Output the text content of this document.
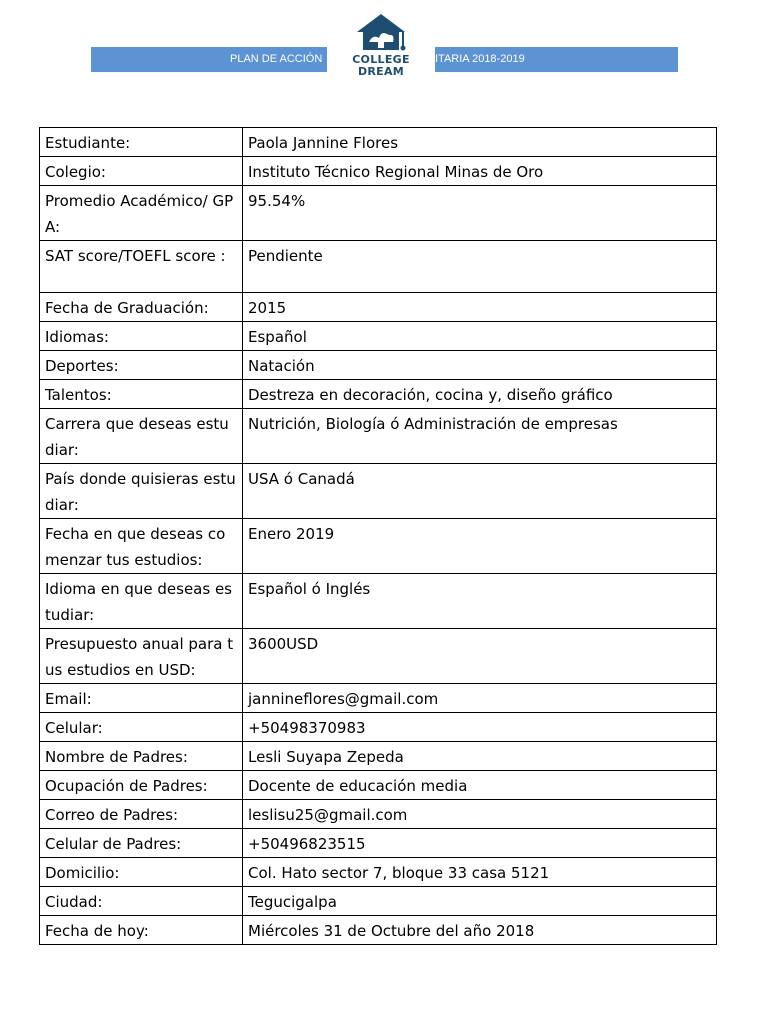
PLAN DE ACCIÓN	ITARIA 2018-2019
COLLEGE
DREAM
Estudiante:	Paola Jannine Flores
Colegio:	Instituto Técnico Regional Minas de Oro
Promedio Académico/ GPA:	95.54%
SAT score/TOEFL score :	Pendiente
Fecha de Graduación:	2015
Idiomas:	Español
Deportes:	Natación
Talentos:	Destreza en decoración, cocina y, diseño gráfico
Carrera que deseas estudiar:	Nutrición, Biología ó Administración de empresas
País donde quisieras estudiar:	USA ó Canadá
Fecha en que deseas comenzar tus estudios:	Enero 2019
Idioma en que deseas estudiar:	Español ó Inglés
Presupuesto anual para tus estudios en USD:	3600USD
Email:	jannineflores@gmail.com
Celular:	+50498370983
Nombre de Padres:	Lesli Suyapa Zepeda
Ocupación de Padres:	Docente de educación media
Correo de Padres:	leslisu25@gmail.com
Celular de Padres:	+50496823515
Domicilio:	Col. Hato sector 7, bloque 33 casa 5121
Ciudad:	Tegucigalpa
Fecha de hoy:	Miércoles 31 de Octubre del año 2018
